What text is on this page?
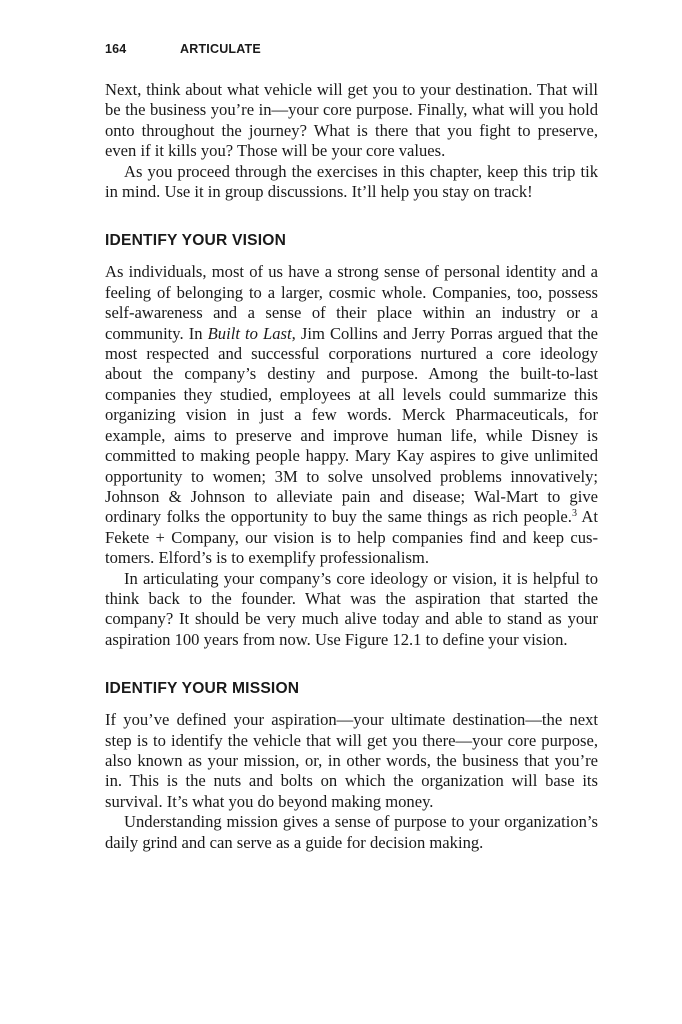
164	ARTICULATE

Next, think about what vehicle will get you to your destination. That will be the business you’re in—your core purpose. Finally, what will you hold onto throughout the journey? What is there that you fight to preserve, even if it kills you? Those will be your core values.

As you proceed through the exercises in this chapter, keep this trip tik in mind. Use it in group discussions. It’ll help you stay on track!

IDENTIFY YOUR VISION

As individuals, most of us have a strong sense of personal identity and a feeling of belonging to a larger, cosmic whole. Companies, too, possess self-awareness and a sense of their place within an industry or a community. In Built to Last, Jim Collins and Jerry Porras argued that the most respected and successful corporations nurtured a core ideology about the company’s destiny and purpose. Among the built-to-last companies they studied, employees at all levels could summarize this organizing vision in just a few words. Merck Pharmaceuticals, for example, aims to preserve and improve human life, while Disney is committed to making people happy. Mary Kay aspires to give unlimited opportunity to women; 3M to solve unsolved problems innovatively; Johnson & Johnson to alleviate pain and disease; Wal-Mart to give ordinary folks the opportunity to buy the same things as rich people.$^3$ At Fekete + Company, our vision is to help companies find and keep customers. Elford’s is to exemplify professionalism.

In articulating your company’s core ideology or vision, it is helpful to think back to the founder. What was the aspiration that started the company? It should be very much alive today and able to stand as your aspiration 100 years from now. Use Figure 12.1 to define your vision.

IDENTIFY YOUR MISSION

If you’ve defined your aspiration—your ultimate destination—the next step is to identify the vehicle that will get you there—your core purpose, also known as your mission, or, in other words, the business that you’re in. This is the nuts and bolts on which the organization will base its survival. It’s what you do beyond making money.

Understanding mission gives a sense of purpose to your organization’s daily grind and can serve as a guide for decision making.
